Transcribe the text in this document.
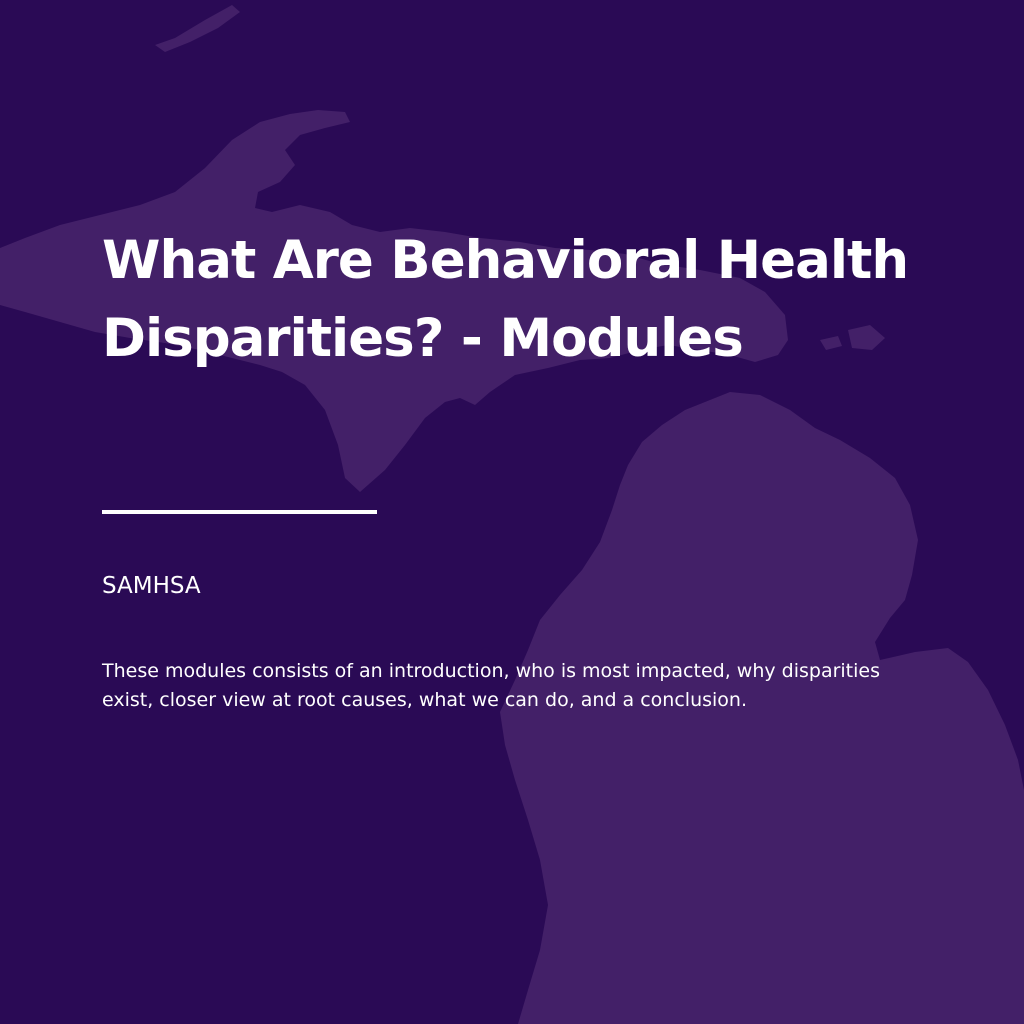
What Are Behavioral Health Disparities? - Modules

SAMHSA

These modules consists of an introduction, who is most impacted, why disparities exist, closer view at root causes, what we can do, and a conclusion.
